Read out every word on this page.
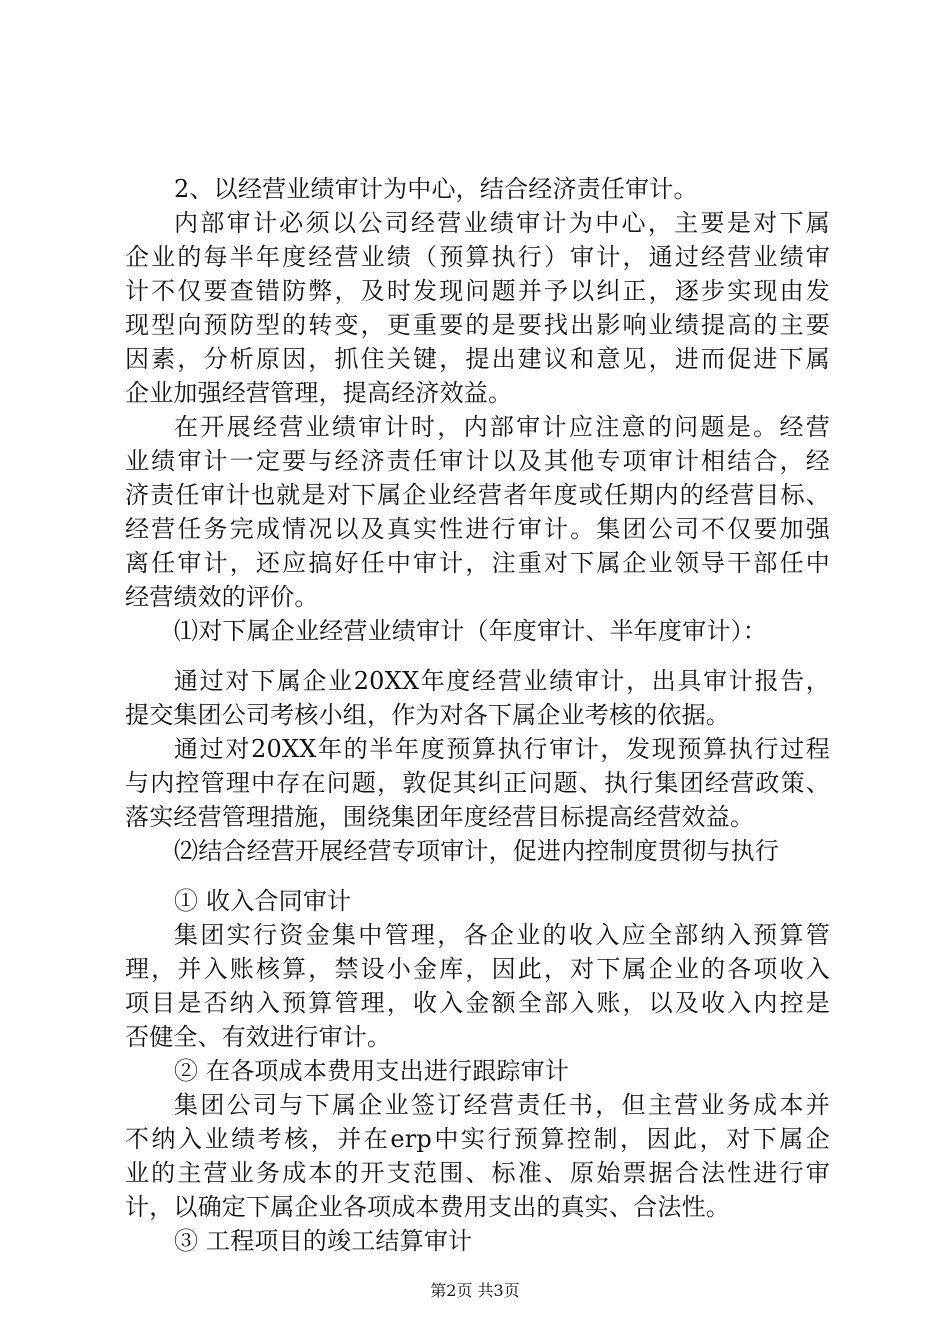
2、以经营业绩审计为中心，结合经济责任审计。
内部审计必须以公司经营业绩审计为中心，主要是对下属
企业的每半年度经营业绩（预算执行）审计，通过经营业绩审
计不仅要查错防弊，及时发现问题并予以纠正，逐步实现由发
现型向预防型的转变，更重要的是要找出影响业绩提高的主要
因素，分析原因，抓住关键，提出建议和意见，进而促进下属
企业加强经营管理，提高经济效益。
在开展经营业绩审计时，内部审计应注意的问题是。经营
业绩审计一定要与经济责任审计以及其他专项审计相结合，经
济责任审计也就是对下属企业经营者年度或任期内的经营目标、
经营任务完成情况以及真实性进行审计。集团公司不仅要加强
离任审计，还应搞好任中审计，注重对下属企业领导干部任中
经营绩效的评价。
⑴对下属企业经营业绩审计（年度审计、半年度审计）：
通过对下属企业20XX年度经营业绩审计，出具审计报告，
提交集团公司考核小组，作为对各下属企业考核的依据。
通过对20XX年的半年度预算执行审计，发现预算执行过程
与内控管理中存在问题，敦促其纠正问题、执行集团经营政策、
落实经营管理措施，围绕集团年度经营目标提高经营效益。
⑵结合经营开展经营专项审计，促进内控制度贯彻与执行
① 收入合同审计
集团实行资金集中管理，各企业的收入应全部纳入预算管
理，并入账核算，禁设小金库，因此，对下属企业的各项收入
项目是否纳入预算管理，收入金额全部入账，以及收入内控是
否健全、有效进行审计。
② 在各项成本费用支出进行跟踪审计
集团公司与下属企业签订经营责任书，但主营业务成本并
不纳入业绩考核，并在erp中实行预算控制，因此，对下属企
业的主营业务成本的开支范围、标准、原始票据合法性进行审
计，以确定下属企业各项成本费用支出的真实、合法性。
③ 工程项目的竣工结算审计
第2页 共3页
